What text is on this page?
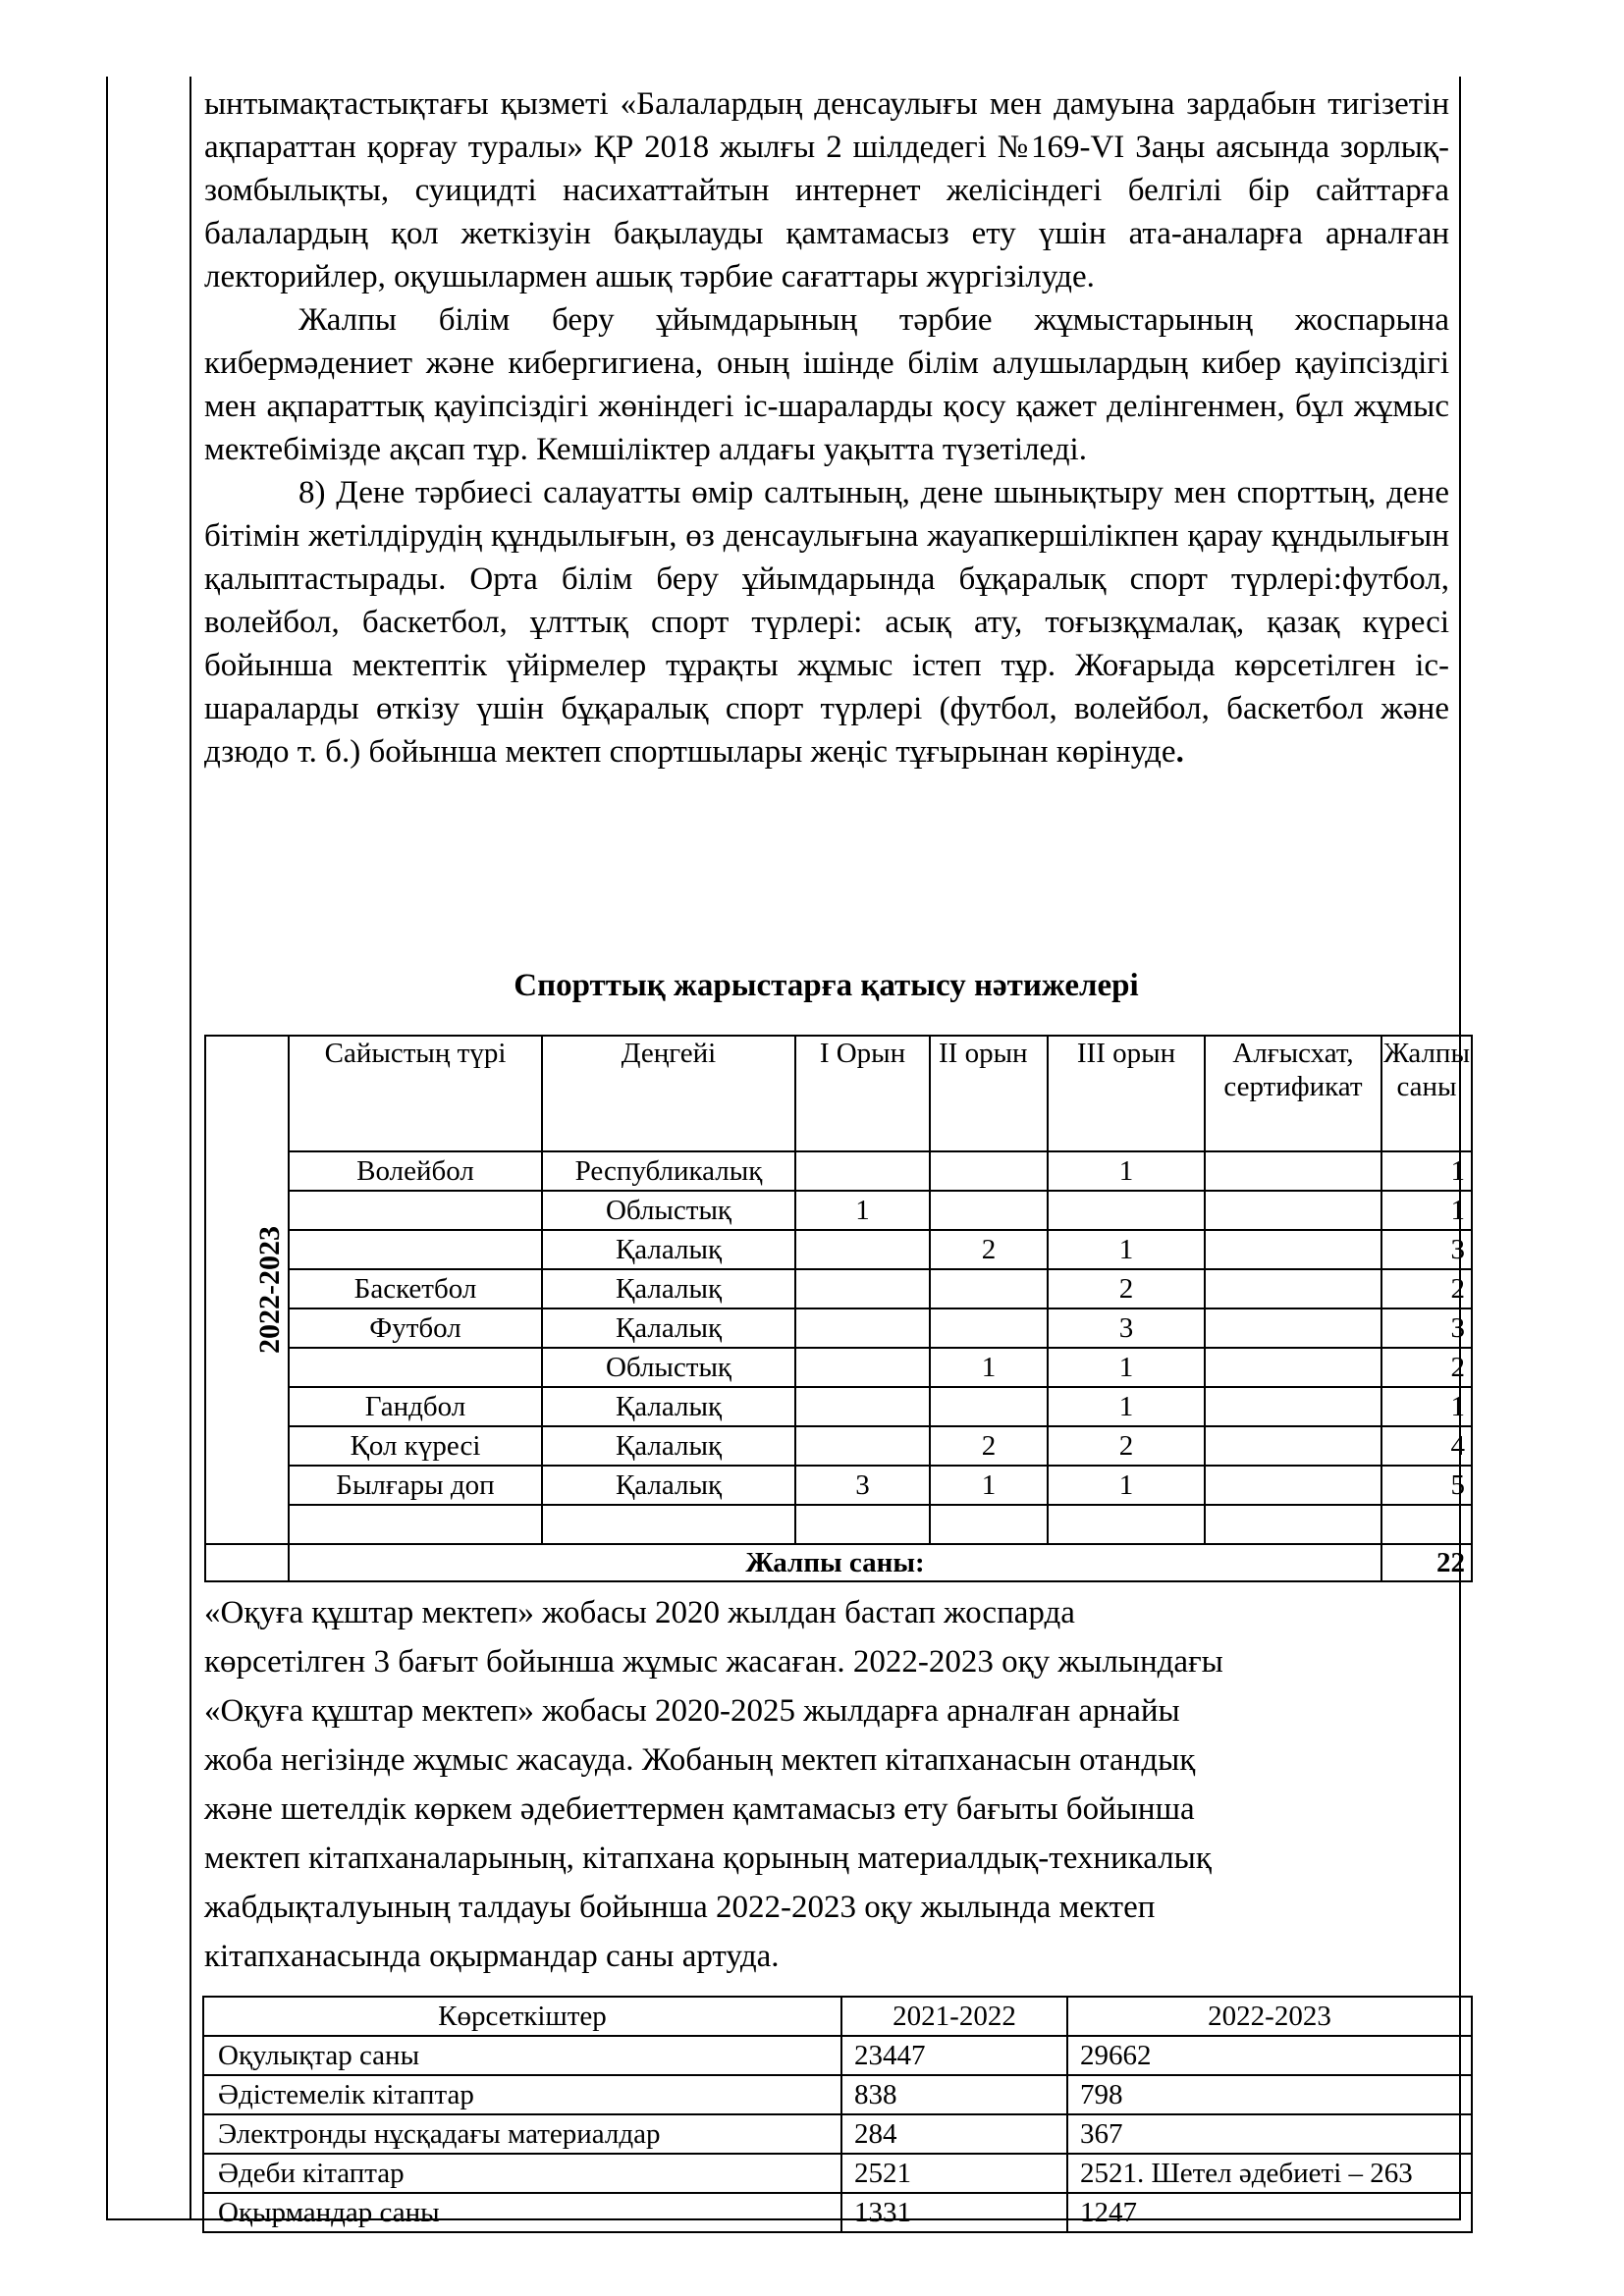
ынтымақтастықтағы қызметі «Балалардың денсаулығы мен дамуына зардабын тигізетін ақпараттан қорғау туралы» ҚР 2018 жылғы 2 шілдедегі №169-VI Заңы аясында зорлық-зомбылықты, суицидті насихаттайтын интернет желісіндегі белгілі бір сайттарға балалардың қол жеткізуін бақылауды қамтамасыз ету үшін ата-аналарға арналған лекторийлер, оқушылармен ашық тәрбие сағаттары жүргізілуде.

Жалпы білім беру ұйымдарының тәрбие жұмыстарының жоспарына кибермәдениет және кибергигиена, оның ішінде білім алушылардың кибер қауіпсіздігі мен ақпараттық қауіпсіздігі жөніндегі іс-шараларды қосу қажет делінгенмен, бұл жұмыс мектебімізде ақсап тұр. Кемшіліктер алдағы уақытта түзетіледі.

8) Дене тәрбиесі салауатты өмір салтының, дене шынықтыру мен спорттың, дене бітімін жетілдірудің құндылығын, өз денсаулығына жауапкершілікпен қарау құндылығын қалыптастырады. Орта білім беру ұйымдарында бұқаралық спорт түрлері:футбол, волейбол, баскетбол, ұлттық спорт түрлері: асық ату, тоғызқұмалақ, қазақ күресі бойынша мектептік үйірмелер тұрақты жұмыс істеп тұр. Жоғарыда көрсетілген іс-шараларды өткізу үшін бұқаралық спорт түрлері (футбол, волейбол, баскетбол және дзюдо т. б.) бойынша мектеп спортшылары жеңіс тұғырынан көрінуде.

Спорттық жарыстарға қатысу нәтижелері
2022-2023	Сайыстың түрі	Деңгейі	І Орын	ІІ орын	ІІІ орын	Алғысхат, сертификат	Жалпы саны
	Волейбол	Республикалық			1		1
		Облыстық	1				1
		Қалалық		2	1		3
	Баскетбол	Қалалық			2		2
	Футбол	Қалалық			3		3
		Облыстық		1	1		2
	Гандбол	Қалалық			1		1
	Қол күресі	Қалалық		2	2		4
	Былғары доп	Қалалық	3	1	1		5

	Жалпы саны:						22

«Оқуға құштар мектеп» жобасы 2020 жылдан бастап жоспарда

көрсетілген 3 бағыт бойынша жұмыс жасаған. 2022-2023 оқу жылындағы

«Оқуға құштар мектеп» жобасы 2020-2025 жылдарға арналған арнайы

жоба негізінде жұмыс жасауда. Жобаның мектеп кітапханасын отандық

және шетелдік көркем әдебиеттермен қамтамасыз ету бағыты бойынша

мектеп кітапханаларының, кітапхана қорының материалдық-техникалық

жабдықталуының талдауы бойынша 2022-2023 оқу жылында мектеп

кітапханасында оқырмандар саны артуда.

Көрсеткіштер	2021-2022	2022-2023
Оқулықтар саны	23447	29662
Әдістемелік кітаптар	838	798
Электронды нұсқадағы материалдар	284	367
Әдеби кітаптар	2521	2521. Шетел әдебиеті – 263
Оқырмандар саны	1331	1247
